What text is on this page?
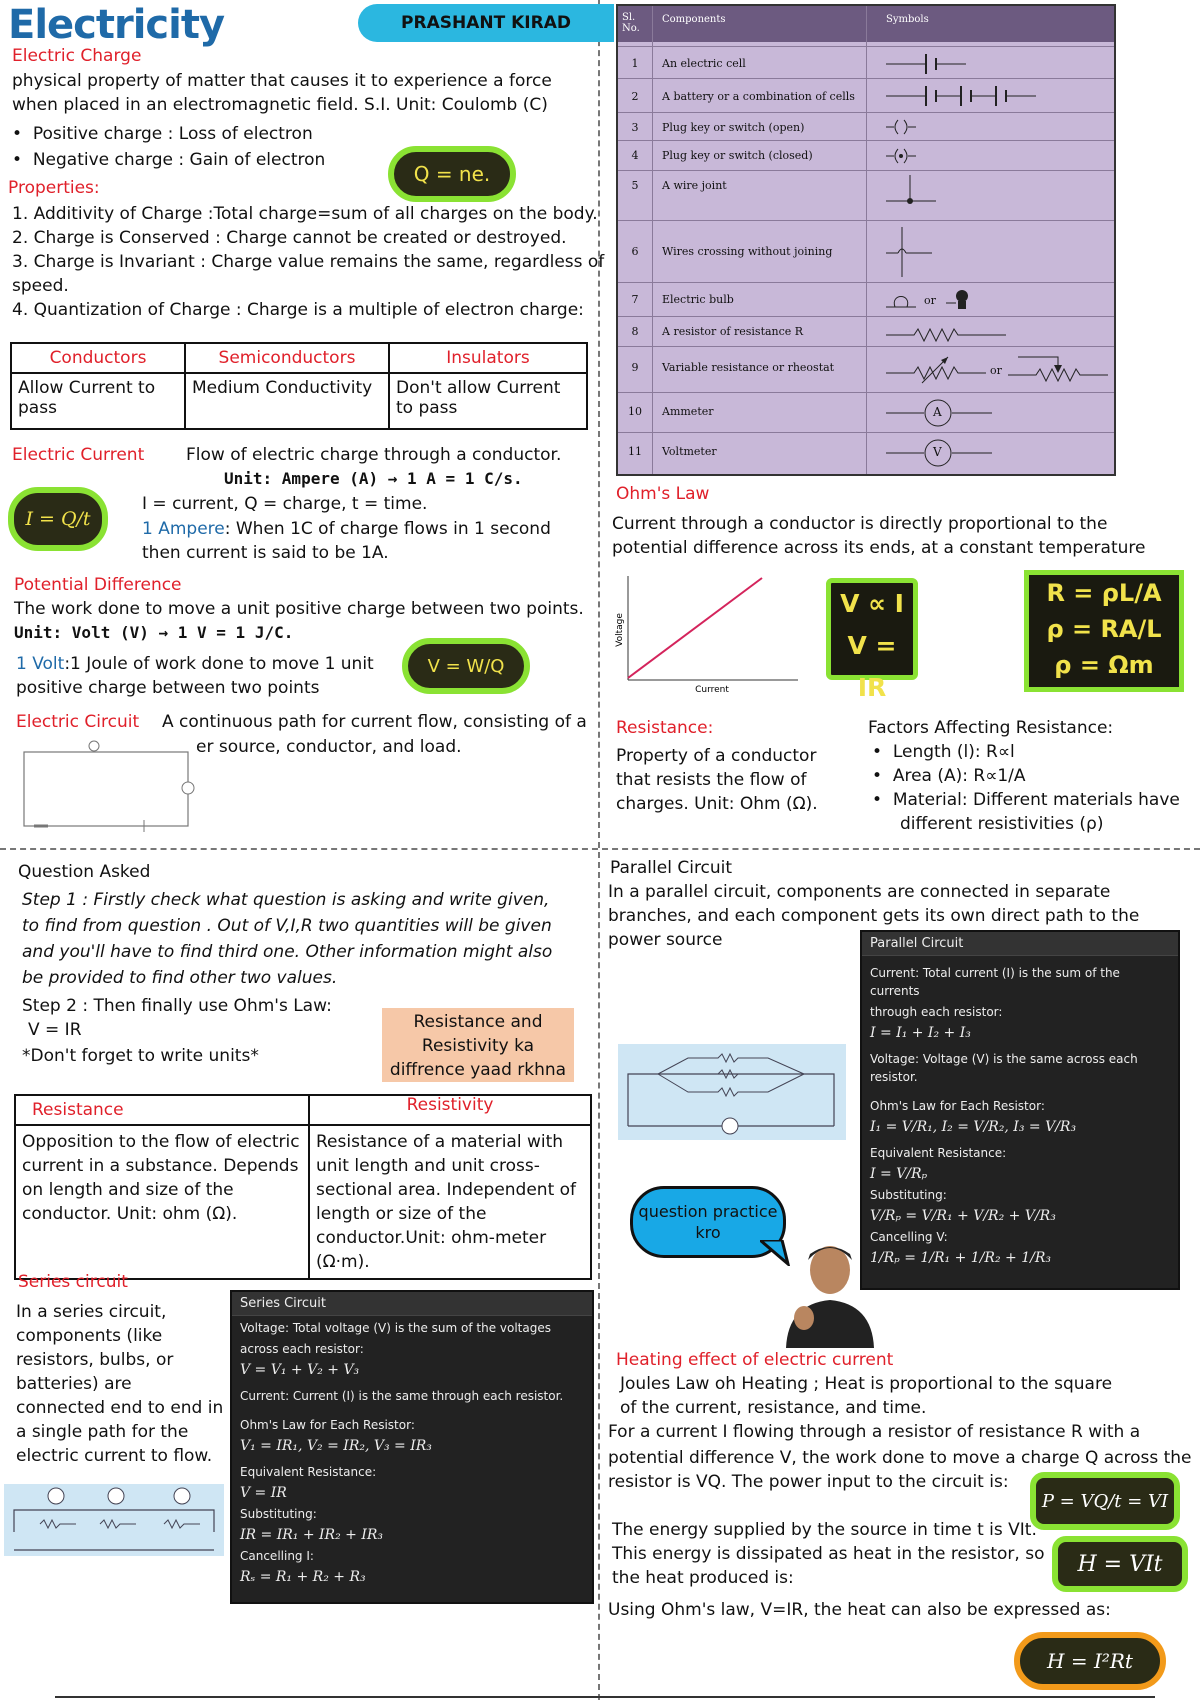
Electricity	PRASHANT KIRAD
Electric Charge
physical property of matter that causes it to experience a force
when placed in an electromagnetic field. S.I. Unit: Coulomb (C)
•  Positive charge : Loss of electron
•  Negative charge : Gain of electron
Q = ne.
Properties:
1. Additivity of Charge :Total charge=sum of all charges on the body.
2. Charge is Conserved : Charge cannot be created or destroyed.
3. Charge is Invariant : Charge value remains the same, regardless of
speed.
4. Quantization of Charge : Charge is a multiple of electron charge:
Conductors	Semiconductors	Insulators
Allow Current to pass	Medium Conductivity	Don't allow Current to pass
Electric Current Flow of electric charge through a conductor.
Unit: Ampere (A) → 1 A = 1 C/s.
I = Q/t
I = current, Q = charge, t = time.
1 Ampere: When 1C of charge flows in 1 second
then current is said to be 1A.
Potential Difference
The work done to move a unit positive charge between two points.
Unit: Volt (V) → 1 V = 1 J/C.
1 Volt:1 Joule of work done to move 1 unit
positive charge between two points
V = W/Q
Electric Circuit A continuous path for current flow, consisting of a
er source, conductor, and load.
Sl. No.
Components	Symbols
1	An electric cell
2	A battery or a combination of cells
3	Plug key or switch (open)
4	Plug key or switch (closed)
5	A wire joint
6	Wires crossing without joining
7	Electric bulb	or
8	A resistor of resistance R
9	Variable resistance or rheostat	or
10	Ammeter	A
11	Voltmeter	V
Ohm's Law
Current through a conductor is directly proportional to the
potential difference across its ends, at a constant temperature
Voltage
Current
V ∝ I
V = IR
R = ρL/A
ρ = RA/L
ρ = Ωm
Resistance:
Property of a conductor
that resists the flow of
charges. Unit: Ohm (Ω).
Factors Affecting Resistance:
•  Length (l): R∝l
•  Area (A): R∝1/A
•  Material: Different materials have
different resistivities (ρ)
Question Asked
Step 1 : Firstly check what question is asking and write given,
to find from question . Out of V,I,R two quantities will be given
and you'll have to find third one. Other information might also
be provided to find other two values.
Step 2 : Then finally use Ohm's Law:
V = IR
*Don't forget to write units*
Resistance and Resistivity ka diffrence yaad rkhna
Resistance	Resistivity
Opposition to the flow of electric current in a substance. Depends on length and size of the conductor. Unit: ohm (Ω).	Resistance of a material with unit length and unit cross-sectional area. Independent of length or size of the conductor.Unit: ohm-meter (Ω·m).
Series circuit
In a series circuit,
components (like
resistors, bulbs, or
batteries) are
connected end to end in
a single path for the
electric current to flow.
Series Circuit
Voltage: Total voltage (V) is the sum of the voltages
across each resistor:
V = V₁ + V₂ + V₃
Current: Current (I) is the same through each resistor.
Ohm's Law for Each Resistor:
V₁ = IR₁, V₂ = IR₂, V₃ = IR₃
Equivalent Resistance:
V = IR
Substituting:
IR = IR₁ + IR₂ + IR₃
Cancelling I:
Rₛ = R₁ + R₂ + R₃
Parallel Circuit
In a parallel circuit, components are connected in separate
branches, and each component gets its own direct path to the
power source	Parallel Circuit
Current: Total current (I) is the sum of the currents
through each resistor:
I = I₁ + I₂ + I₃
Voltage: Voltage (V) is the same across each resistor.
Ohm's Law for Each Resistor:
I₁ = V/R₁, I₂ = V/R₂, I₃ = V/R₃
Equivalent Resistance:
I = V/Rₚ
Substituting:
V/Rₚ = V/R₁ + V/R₂ + V/R₃
Cancelling V:
1/Rₚ = 1/R₁ + 1/R₂ + 1/R₃
question practice kro
Heating effect of electric current
Joules Law oh Heating ; Heat is proportional to the square
of the current, resistance, and time.
For a current I flowing through a resistor of resistance R with a
potential difference V, the work done to move a charge Q across the
resistor is VQ. The power input to the circuit is:
P = VQ/t = VI
The energy supplied by the source in time t is VIt.
This energy is dissipated as heat in the resistor, so
the heat produced is:
H = VIt
Using Ohm's law, V=IR, the heat can also be expressed as:
H = I²Rt
